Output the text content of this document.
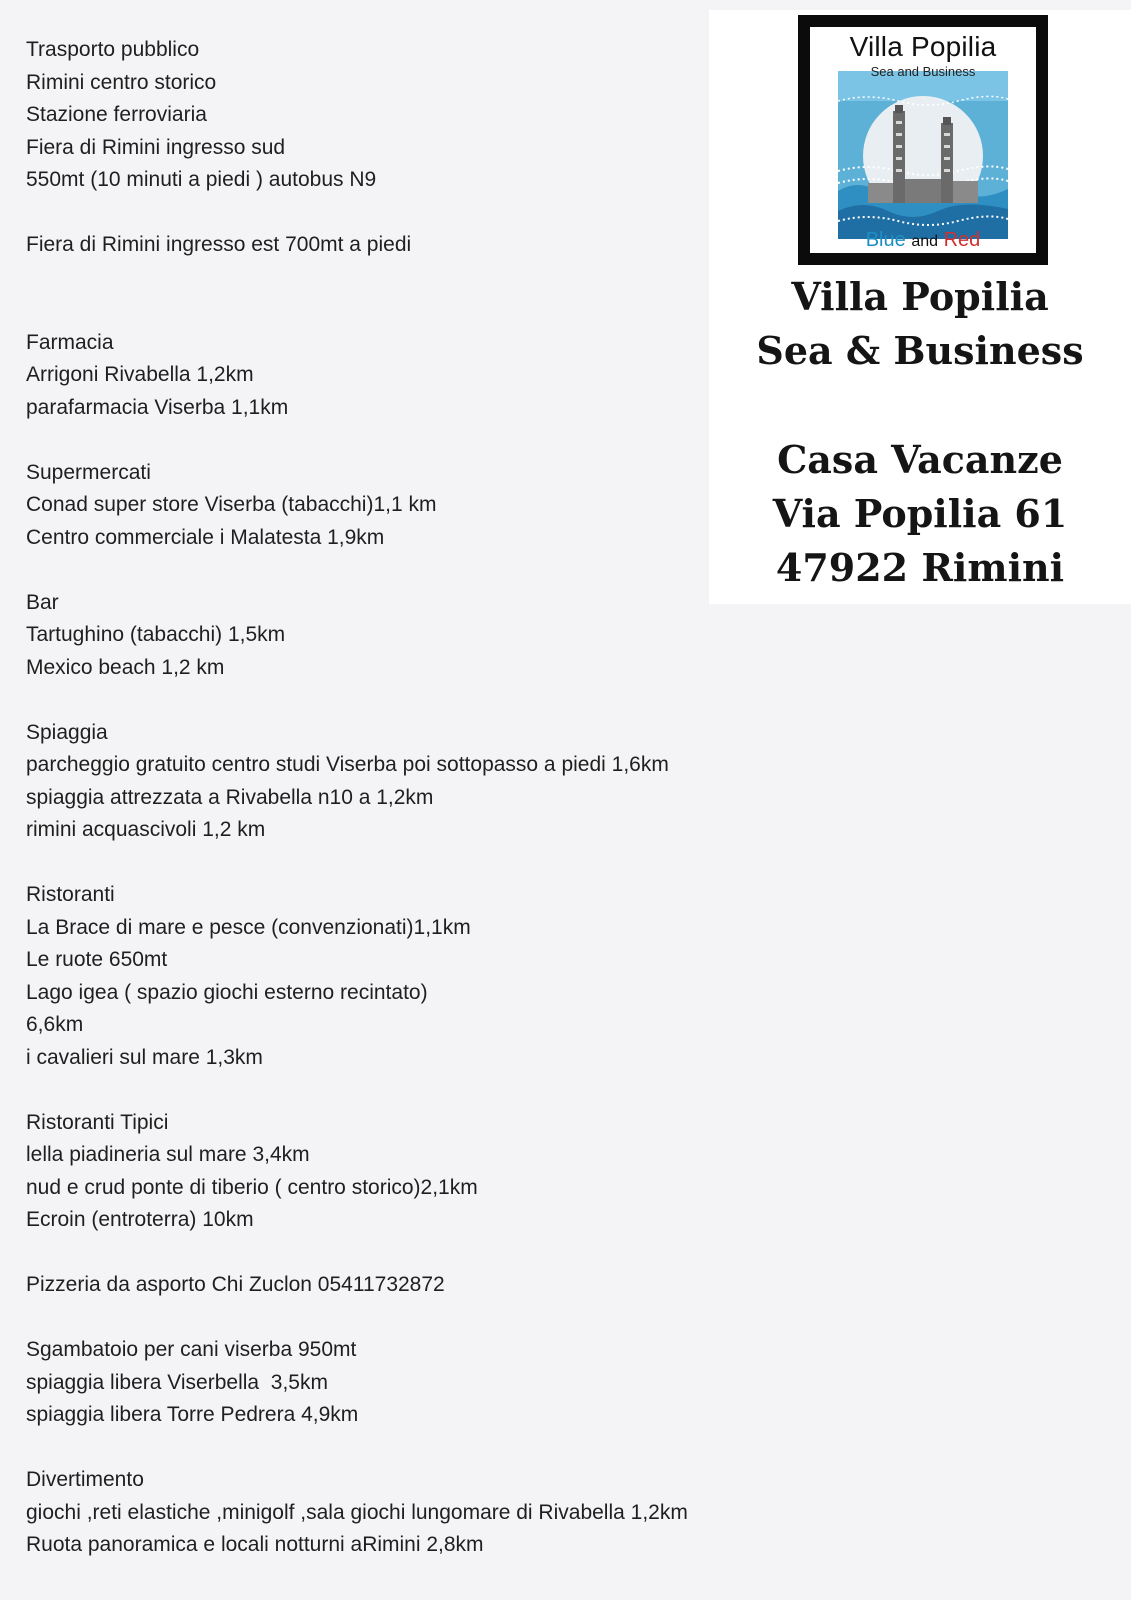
Trasporto pubblico
Rimini centro storico
Stazione ferroviaria
Fiera di Rimini ingresso sud
550mt (10 minuti a piedi ) autobus N9
Fiera di Rimini ingresso est 700mt a piedi
Farmacia
Arrigoni Rivabella 1,2km
parafarmacia Viserba 1,1km
Supermercati
Conad super store Viserba (tabacchi)1,1 km
Centro commerciale i Malatesta 1,9km
Bar
Tartughino (tabacchi) 1,5km
Mexico beach 1,2 km
Spiaggia
parcheggio gratuito centro studi Viserba poi sottopasso a piedi 1,6km
spiaggia attrezzata a Rivabella n10 a 1,2km
rimini acquascivoli 1,2 km
Ristoranti
La Brace di mare e pesce (convenzionati)1,1km
Le ruote 650mt
Lago igea ( spazio giochi esterno recintato)
6,6km
i cavalieri sul mare 1,3km
Ristoranti Tipici
lella piadineria sul mare 3,4km
nud e crud ponte di tiberio ( centro storico)2,1km
Ecroin (entroterra) 10km
Pizzeria da asporto Chi Zuclon 05411732872
Sgambatoio per cani viserba 950mt
spiaggia libera Viserbella  3,5km
spiaggia libera Torre Pedrera 4,9km
Divertimento
giochi ,reti elastiche ,minigolf ,sala giochi lungomare di Rivabella 1,2km
Ruota panoramica e locali notturni aRimini 2,8km
Villa Popilia
Sea and Business
Blue and Red
Villa Popilia
Sea & Business
Casa Vacanze
Via Popilia 61
47922 Rimini
